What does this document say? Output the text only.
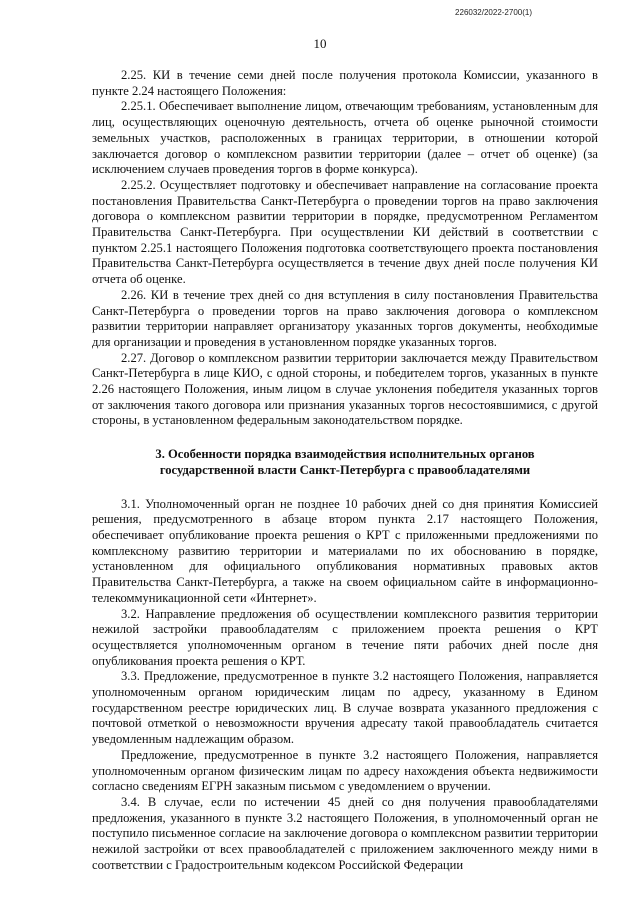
226032/2022-2700(1)
10

2.25. КИ в течение семи дней после получения протокола Комиссии, указанного в пункте 2.24 настоящего Положения:

2.25.1. Обеспечивает выполнение лицом, отвечающим требованиям, установленным для лиц, осуществляющих оценочную деятельность, отчета об оценке рыночной стоимости земельных участков, расположенных в границах территории, в отношении которой заключается договор о комплексном развитии территории (далее – отчет об оценке) (за исключением случаев проведения торгов в форме конкурса).

2.25.2. Осуществляет подготовку и обеспечивает направление на согласование проекта постановления Правительства Санкт-Петербурга о проведении торгов на право заключения договора о комплексном развитии территории в порядке, предусмотренном Регламентом Правительства Санкт-Петербурга. При осуществлении КИ действий в соответствии с пунктом 2.25.1 настоящего Положения подготовка соответствующего проекта постановления Правительства Санкт-Петербурга осуществляется в течение двух дней после получения КИ отчета об оценке.

2.26. КИ в течение трех дней со дня вступления в силу постановления Правительства Санкт-Петербурга о проведении торгов на право заключения договора о комплексном развитии территории направляет организатору указанных торгов документы, необходимые для организации и проведения в установленном порядке указанных торгов.

2.27. Договор о комплексном развитии территории заключается между Правительством Санкт-Петербурга в лице КИО, с одной стороны, и победителем торгов, указанных в пункте 2.26 настоящего Положения, иным лицом в случае уклонения победителя указанных торгов от заключения такого договора или признания указанных торгов несостоявшимися, с другой стороны, в установленном федеральным законодательством порядке.

3. Особенности порядка взаимодействия исполнительных органов
государственной власти Санкт-Петербурга с правообладателями

3.1. Уполномоченный орган не позднее 10 рабочих дней со дня принятия Комиссией решения, предусмотренного в абзаце втором пункта 2.17 настоящего Положения, обеспечивает опубликование проекта решения о КРТ с приложенными предложениями по комплексному развитию территории и материалами по их обоснованию в порядке, установленном для официального опубликования нормативных правовых актов Правительства Санкт-Петербурга, а также на своем официальном сайте в информационно-телекоммуникационной сети «Интернет».

3.2. Направление предложения об осуществлении комплексного развития территории нежилой застройки правообладателям с приложением проекта решения о КРТ осуществляется уполномоченным органом в течение пяти рабочих дней после дня опубликования проекта решения о КРТ.

3.3. Предложение, предусмотренное в пункте 3.2 настоящего Положения, направляется уполномоченным органом юридическим лицам по адресу, указанному в Едином государственном реестре юридических лиц. В случае возврата указанного предложения с почтовой отметкой о невозможности вручения адресату такой правообладатель считается уведомленным надлежащим образом.

Предложение, предусмотренное в пункте 3.2 настоящего Положения, направляется уполномоченным органом физическим лицам по адресу нахождения объекта недвижимости согласно сведениям ЕГРН заказным письмом с уведомлением о вручении.

3.4. В случае, если по истечении 45 дней со дня получения правообладателями предложения, указанного в пункте 3.2 настоящего Положения, в уполномоченный орган не поступило письменное согласие на заключение договора о комплексном развитии территории нежилой застройки от всех правообладателей с приложением заключенного между ними в соответствии с Градостроительным кодексом Российской Федерации
